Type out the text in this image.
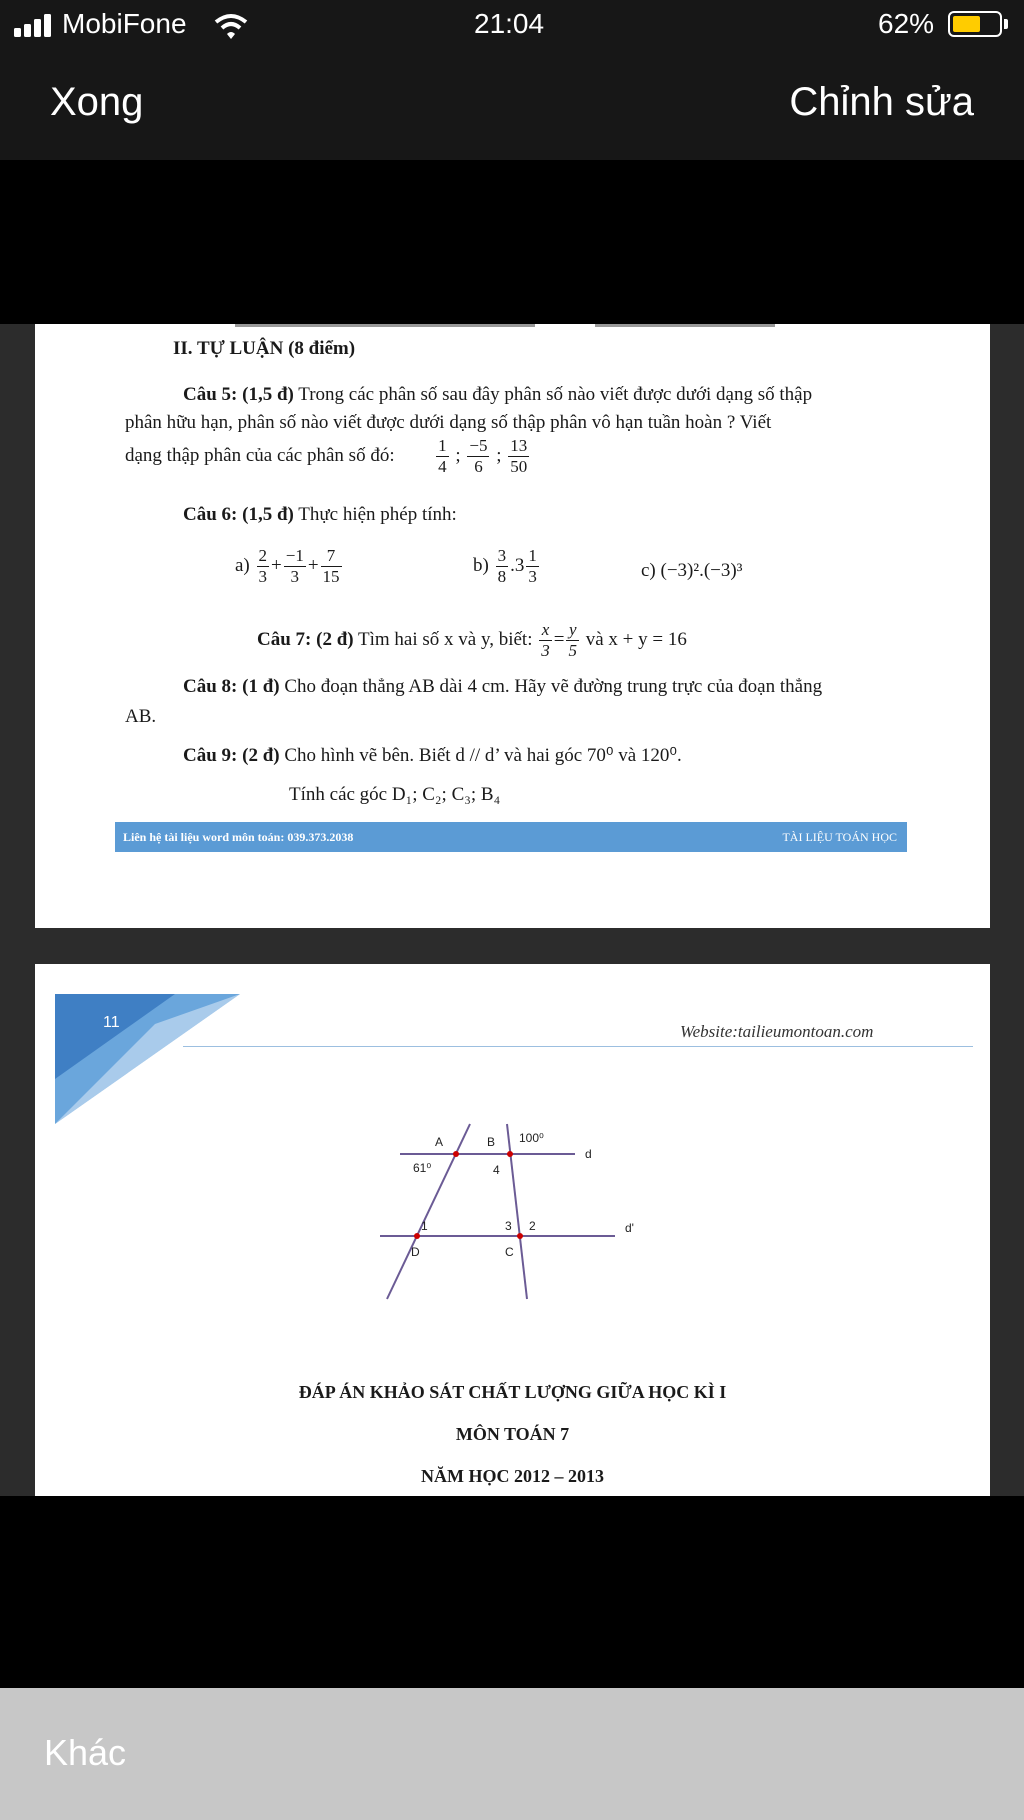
MobiFone	21:04	62%
Xong	Chỉnh sửa
II. TỰ LUẬN (8 điểm)
Câu 5: (1,5 đ) Trong các phân số sau đây phân số nào viết được dưới dạng số thập
phân hữu hạn, phân số nào viết được dưới dạng số thập phân vô hạn tuần hoàn ? Viết
dạng thập phân của các phân số đó: $\frac{1}{4}$ ; $\frac{-5}{6}$ ; $\frac{13}{50}$
Câu 6: (1,5 đ) Thực hiện phép tính:
$a) \frac{2}{3} + \frac{-1}{3} + \frac{7}{15}$	$b) \frac{3}{8} .3 \frac{1}{3}$	c) (−3)².(−3)³
Câu 7: (2 đ) Tìm hai số x và y, biết: $\frac{x}{3} = \frac{y}{5}$ và x + y = 16
Câu 8: (1 đ) Cho đoạn thẳng AB dài 4 cm. Hãy vẽ đường trung trực của đoạn thẳng
AB.
Câu 9: (2 đ) Cho hình vẽ bên. Biết d // d’ và hai góc 70⁰ và 120⁰.
Tính các góc D₁; C₂; C₃; B₄
Liên hệ tài liệu word môn toán: 039.373.2038	TÀI LIỆU TOÁN HỌC
11	Website:tailieumontoan.com
A	B 100⁰
d
61⁰	4
1	3 2	d'
D	C
ĐÁP ÁN KHẢO SÁT CHẤT LƯỢNG GIỮA HỌC KÌ I
MÔN TOÁN 7
NĂM HỌC 2012 – 2013
Khác
